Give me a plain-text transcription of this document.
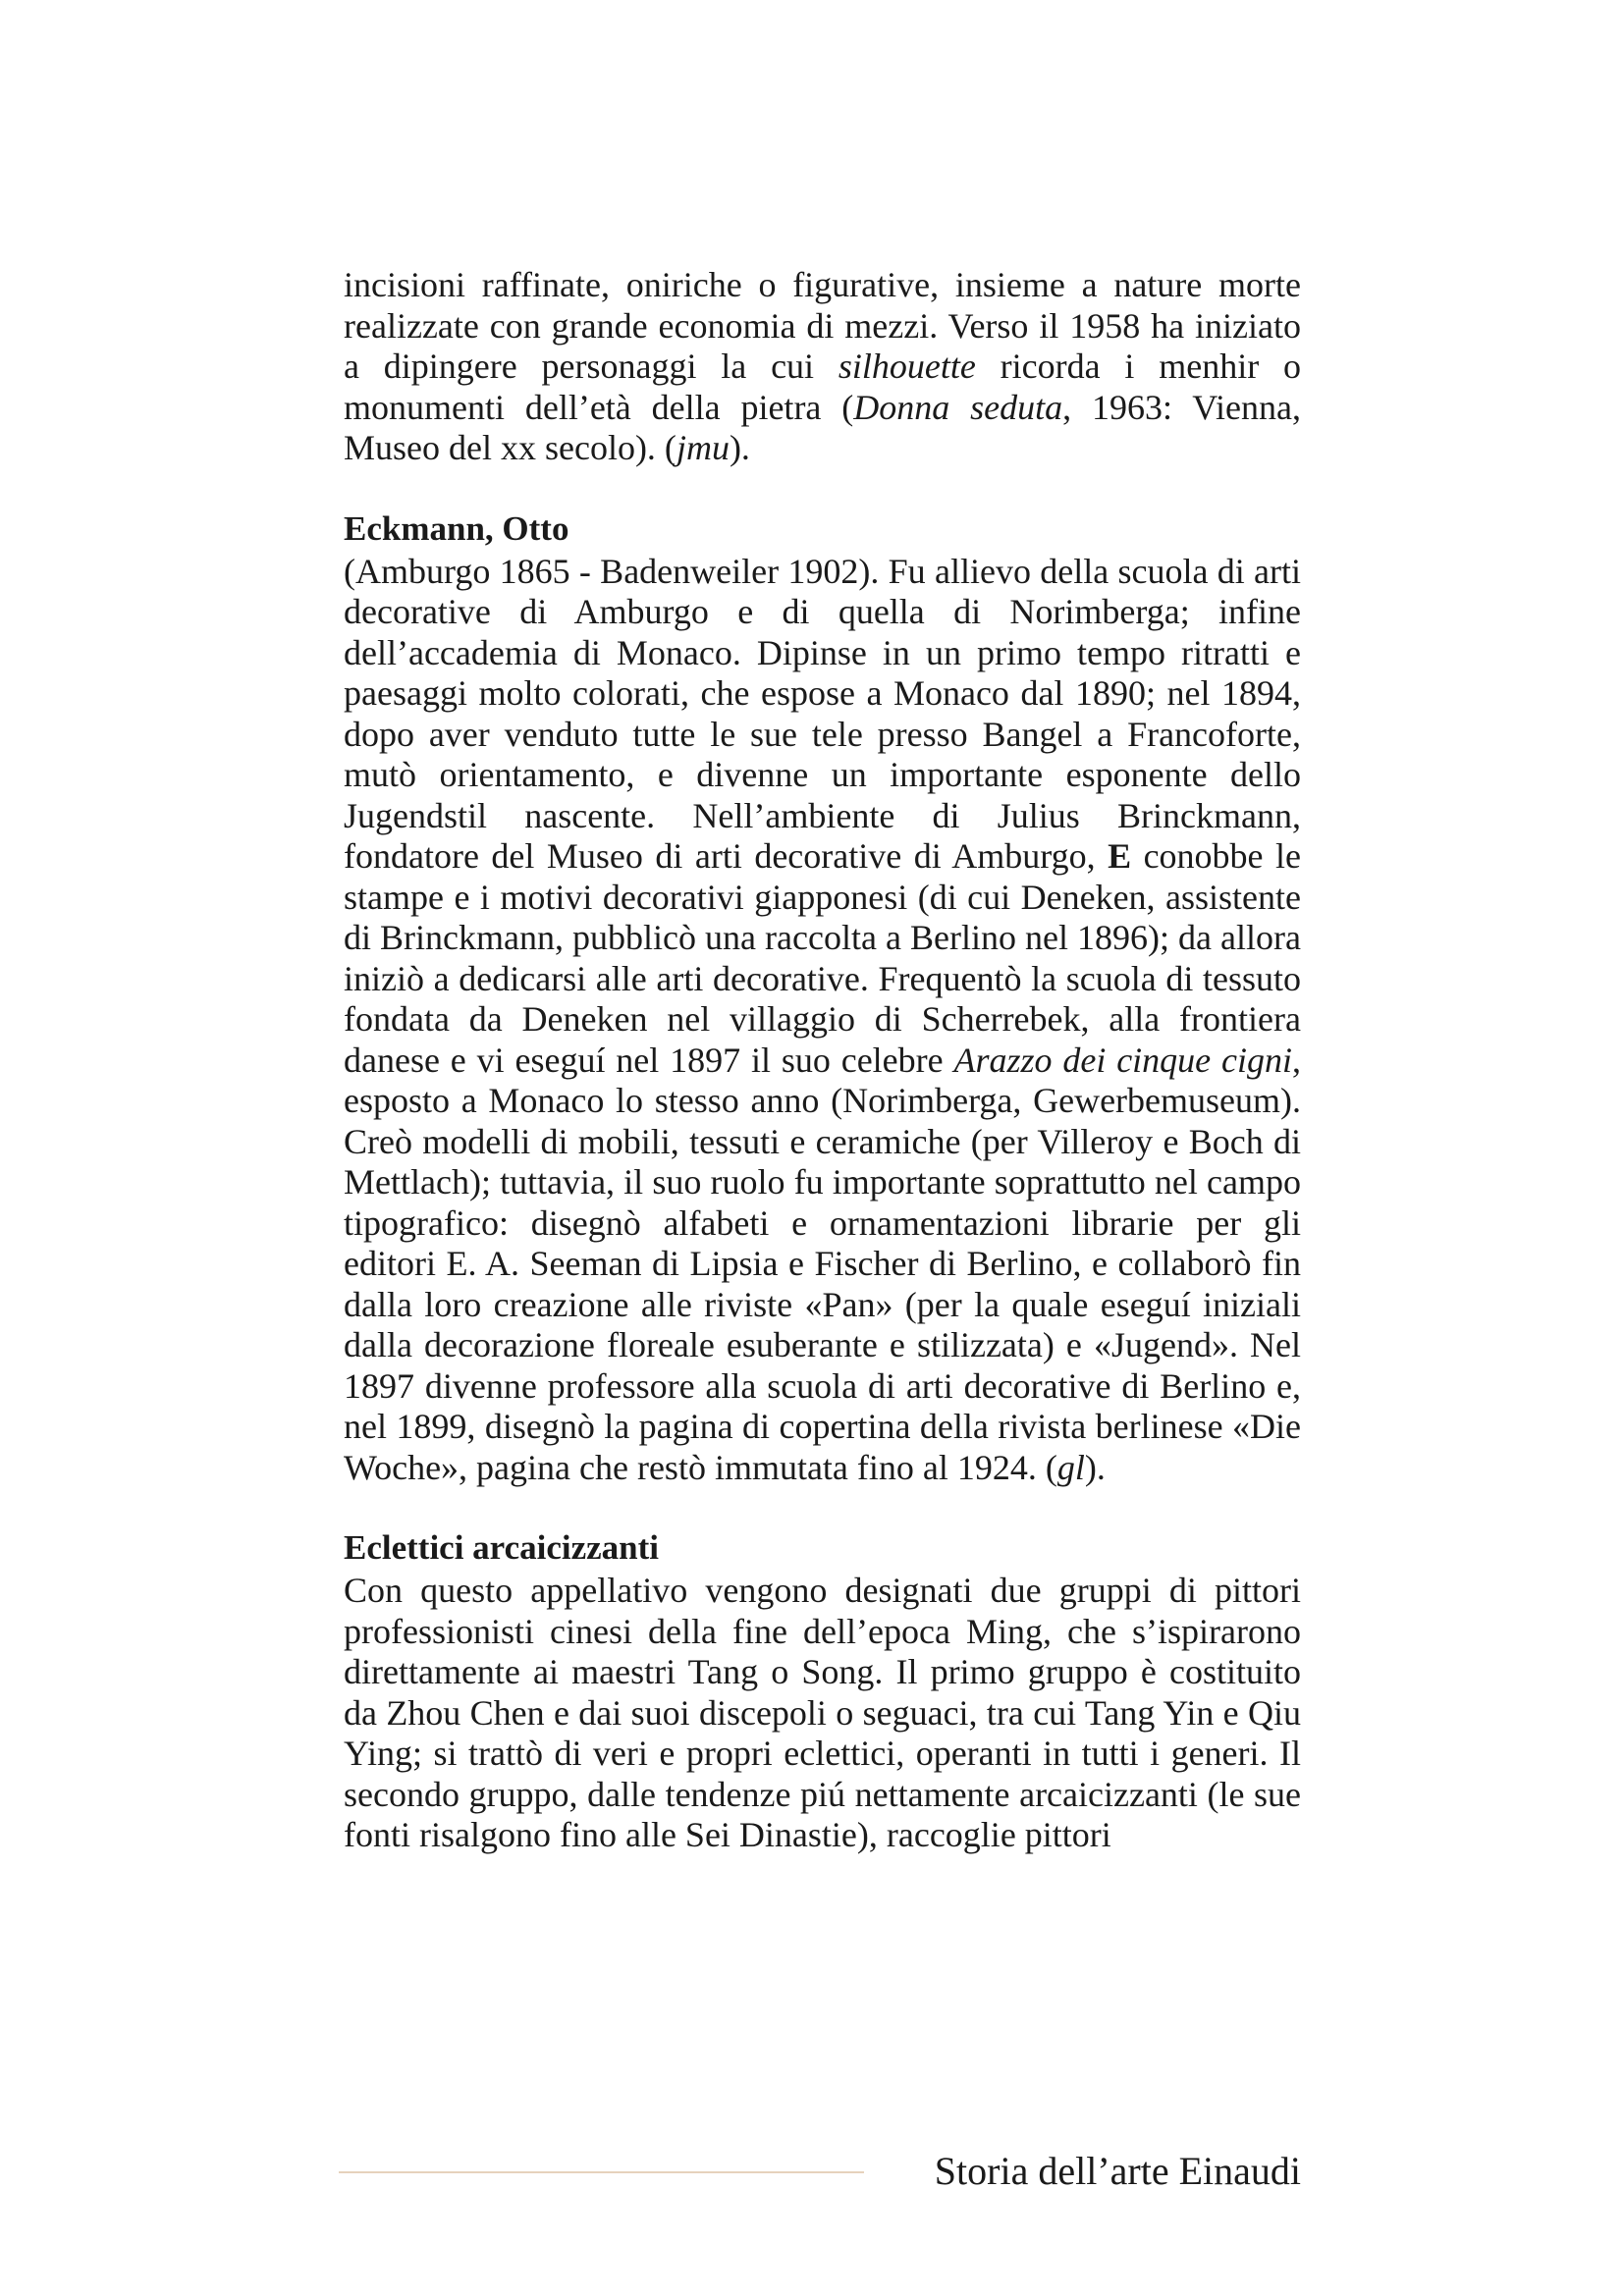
incisioni raffinate, oniriche o figurative, insieme a nature morte realizzate con grande economia di mezzi. Verso il 1958 ha iniziato a dipingere personaggi la cui silhouette ricorda i menhir o monumenti dell’età della pietra (Donna seduta, 1963: Vienna, Museo del xx secolo). (jmu).

Eckmann, Otto

(Amburgo 1865 - Badenweiler 1902). Fu allievo della scuola di arti decorative di Amburgo e di quella di Norimberga; infine dell’accademia di Monaco. Dipinse in un primo tempo ritratti e paesaggi molto colorati, che espose a Monaco dal 1890; nel 1894, dopo aver venduto tutte le sue tele presso Bangel a Francoforte, mutò orientamento, e divenne un importante esponente dello Jugendstil nascente. Nell’ambiente di Julius Brinckmann, fondatore del Museo di arti decorative di Amburgo, E conobbe le stampe e i motivi decorativi giapponesi (di cui Deneken, assistente di Brinckmann, pubblicò una raccolta a Berlino nel 1896); da allora iniziò a dedicarsi alle arti decorative. Frequentò la scuola di tessuto fondata da Deneken nel villaggio di Scherrebek, alla frontiera danese e vi eseguí nel 1897 il suo celebre Arazzo dei cinque cigni, esposto a Monaco lo stesso anno (Norimberga, Gewerbemuseum). Creò modelli di mobili, tessuti e ceramiche (per Villeroy e Boch di Mettlach); tuttavia, il suo ruolo fu importante soprattutto nel campo tipografico: disegnò alfabeti e ornamentazioni librarie per gli editori E. A. Seeman di Lipsia e Fischer di Berlino, e collaborò fin dalla loro creazione alle riviste «Pan» (per la quale eseguí iniziali dalla decorazione floreale esuberante e stilizzata) e «Jugend». Nel 1897 divenne professore alla scuola di arti decorative di Berlino e, nel 1899, disegnò la pagina di copertina della rivista berlinese «Die Woche», pagina che restò immutata fino al 1924. (gl).

Eclettici arcaicizzanti

Con questo appellativo vengono designati due gruppi di pittori professionisti cinesi della fine dell’epoca Ming, che s’ispirarono direttamente ai maestri Tang o Song. Il primo gruppo è costituito da Zhou Chen e dai suoi discepoli o seguaci, tra cui Tang Yin e Qiu Ying; si trattò di veri e propri eclettici, operanti in tutti i generi. Il secondo gruppo, dalle tendenze piú nettamente arcaicizzanti (le sue fonti risalgono fino alle Sei Dinastie), raccoglie pittori

Storia dell’arte Einaudi
